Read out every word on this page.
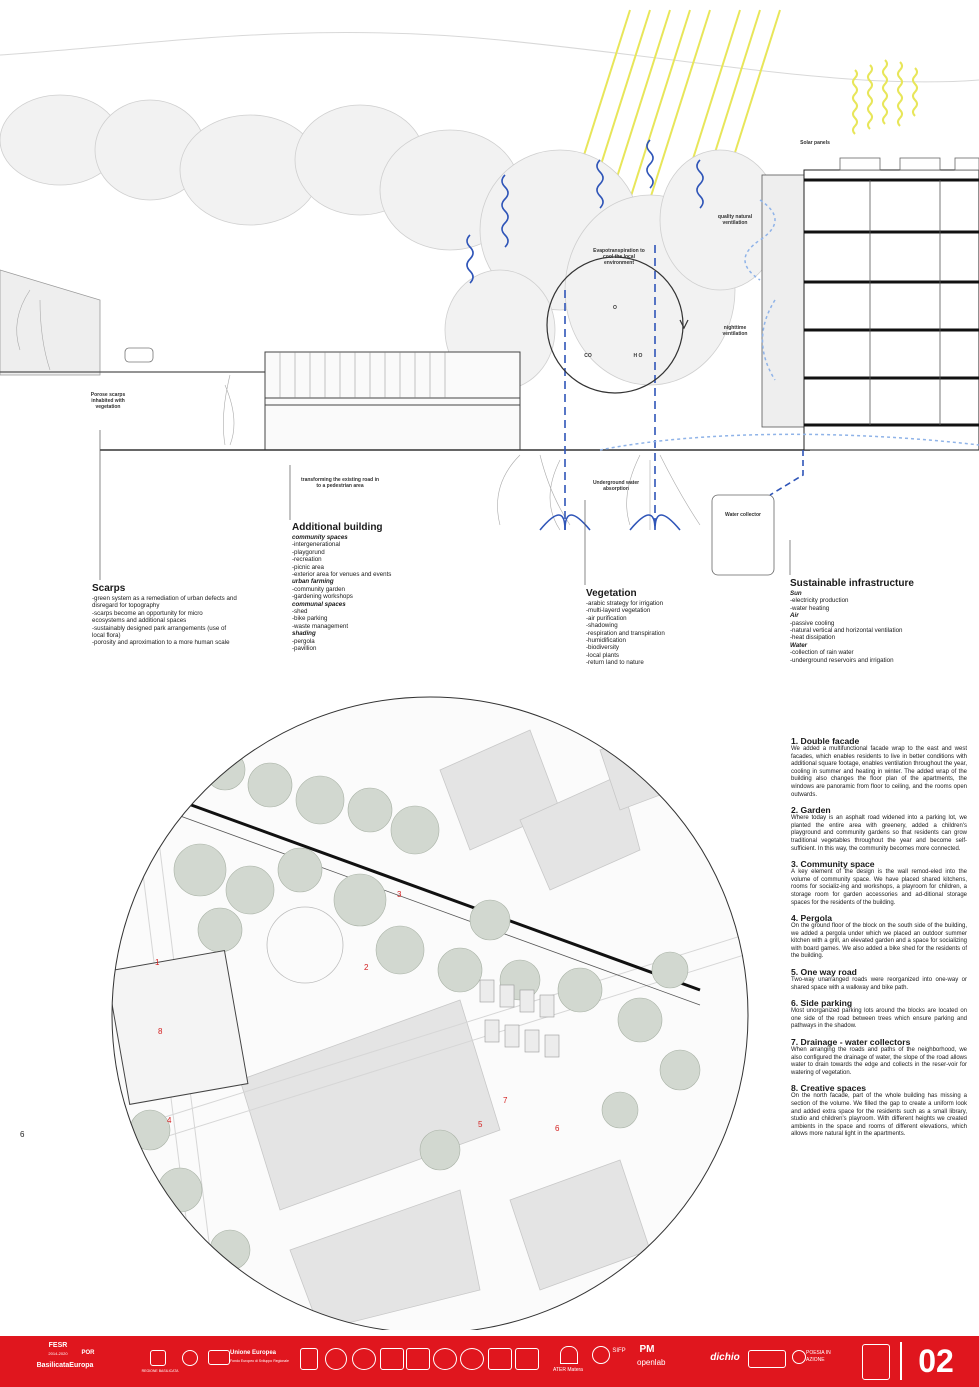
Solar panels
quality natural ventilation
Evapotranspiration to cool the local environment
O
CO	H O
nighttime ventilation
Porose scarps inhabited with vegetation
transforming the existing road in to a pedestrian area	Underground water absorption
Water collector
Scarps
-green system as a remediation of urban defects and disregard for topography
-scarps become an opportunity for micro ecosystems and additional spaces
-sustainably designed park arrangements (use of local flora)
-porosity and aproximation to a more human scale
Additional building
community spaces
-intergenerational
-playgorund
-recreation
-picnic area
-exterior area for venues and events
urban farming
-community garden
-gardening workshops
communal spaces
-shed
-bike parking
-waste management
shading
-pergola
-pavillion
Vegetation
-arabic strategy for irrigation
-multi-layerd vegetation
-air purification
-shadowing
-respiration and transpiration
-humidification
-biodiversity
-local plants
-return land to nature
Sustainable infrastructure
Sun
-electricity production
-water heating
Air
-passive cooling
-natural vertical and horizontal ventilation
-heat dissipation
Water
-collection of rain water
-underground reservoirs and irrigation
1
2
3
4	5	6
7
8
6
1. Double facade
We added a multifunctional facade wrap to the east and west facades, which enables residents to live in better conditions with additional square footage, enables ventilation throughout the year, cooling in summer and heating in winter. The added wrap of the building also changes the floor plan of the apartments, the windows are panoramic from floor to ceiling, and the rooms open outwards.
2. Garden
Where today is an asphalt road widened into a parking lot, we planted the entire area with greenery, added a children's playground and community gardens so that residents can grow traditional vegetables throughout the year and become self-sufficient. In this way, the community becomes more connected.
3. Community space
A key element of the design is the wall remod-eled into the volume of community space. We have placed shared kitchens, rooms for socializ-ing and workshops, a playroom for children, a storage room for garden accessories and ad-ditional storage spaces for the residents of the building.
4. Pergola
On the ground floor of the block on the south side of the building, we added a pergola under which we placed an outdoor summer kitchen with a grill, an elevated garden and a space for socializing with board games. We also added a bike shed for the residents of the building.
5. One way road
Two-way unarranged roads were reorganized into one-way or shared space with a walkway and bike path.
6. Side parking
Most unorganized parking lots around the blocks are located on one side of the road between trees which ensure parking and pathways in the shadow.
7. Drainage - water collectors
When arranging the roads and paths of the neighborhood, we also configured the drainage of water, the slope of the road allows water to drain towards the edge and collects in the reser-voir for watering of vegetation.
8. Creative spaces
On the north facade, part of the whole building has missing a section of the volume. We filled the gap to create a uniform look and added extra space for the residents such as a small library, studio and children's playroom. With different heights we created ambients in the space and rooms of different elevations, which allows more natural light in the apartments.
FESR
2014-2020	POR
BasilicataEuropa
REGIONE BASILICATA
Unione Europea
Fondo Europeo di Sviluppo Regionale
ATER Matera
SIFP	PM
openlab	dichio	POESIA IN AZIONE	02
